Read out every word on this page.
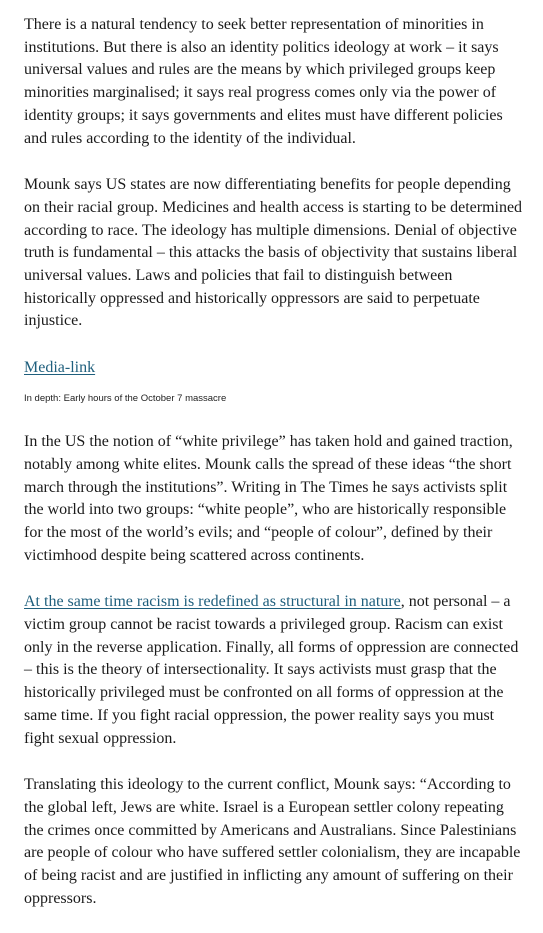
There is a natural tendency to seek better representation of minorities in institutions. But there is also an identity politics ideology at work – it says universal values and rules are the means by which privileged groups keep minorities marginalised; it says real progress comes only via the power of identity groups; it says governments and elites must have different policies and rules according to the identity of the individual.

Mounk says US states are now differentiating benefits for people depending on their racial group. Medicines and health access is starting to be determined according to race. The ideology has multiple dimensions. Denial of objective truth is fundamental – this attacks the basis of objectivity that sustains liberal universal values. Laws and policies that fail to distinguish between historically oppressed and historically oppressors are said to perpetuate injustice.

Media-link
In depth: Early hours of the October 7 massacre

In the US the notion of “white privilege” has taken hold and gained traction, notably among white elites. Mounk calls the spread of these ideas “the short march through the institutions”. Writing in The Times he says activists split the world into two groups: “white people”, who are historically responsible for the most of the world’s evils; and “people of colour”, defined by their victimhood despite being scattered across continents.

At the same time racism is redefined as structural in nature, not personal – a victim group cannot be racist towards a privileged group. Racism can exist only in the reverse application. Finally, all forms of oppression are connected – this is the theory of intersectionality. It says activists must grasp that the historically privileged must be confronted on all forms of oppression at the same time. If you fight racial oppression, the power reality says you must fight sexual oppression.

Translating this ideology to the current conflict, Mounk says: “According to the global left, Jews are white. Israel is a European settler colony repeating the crimes once committed by Americans and Australians. Since Palestinians are people of colour who have suffered settler colonialism, they are incapable of being racist and are justified in inflicting any amount of suffering on their oppressors.
